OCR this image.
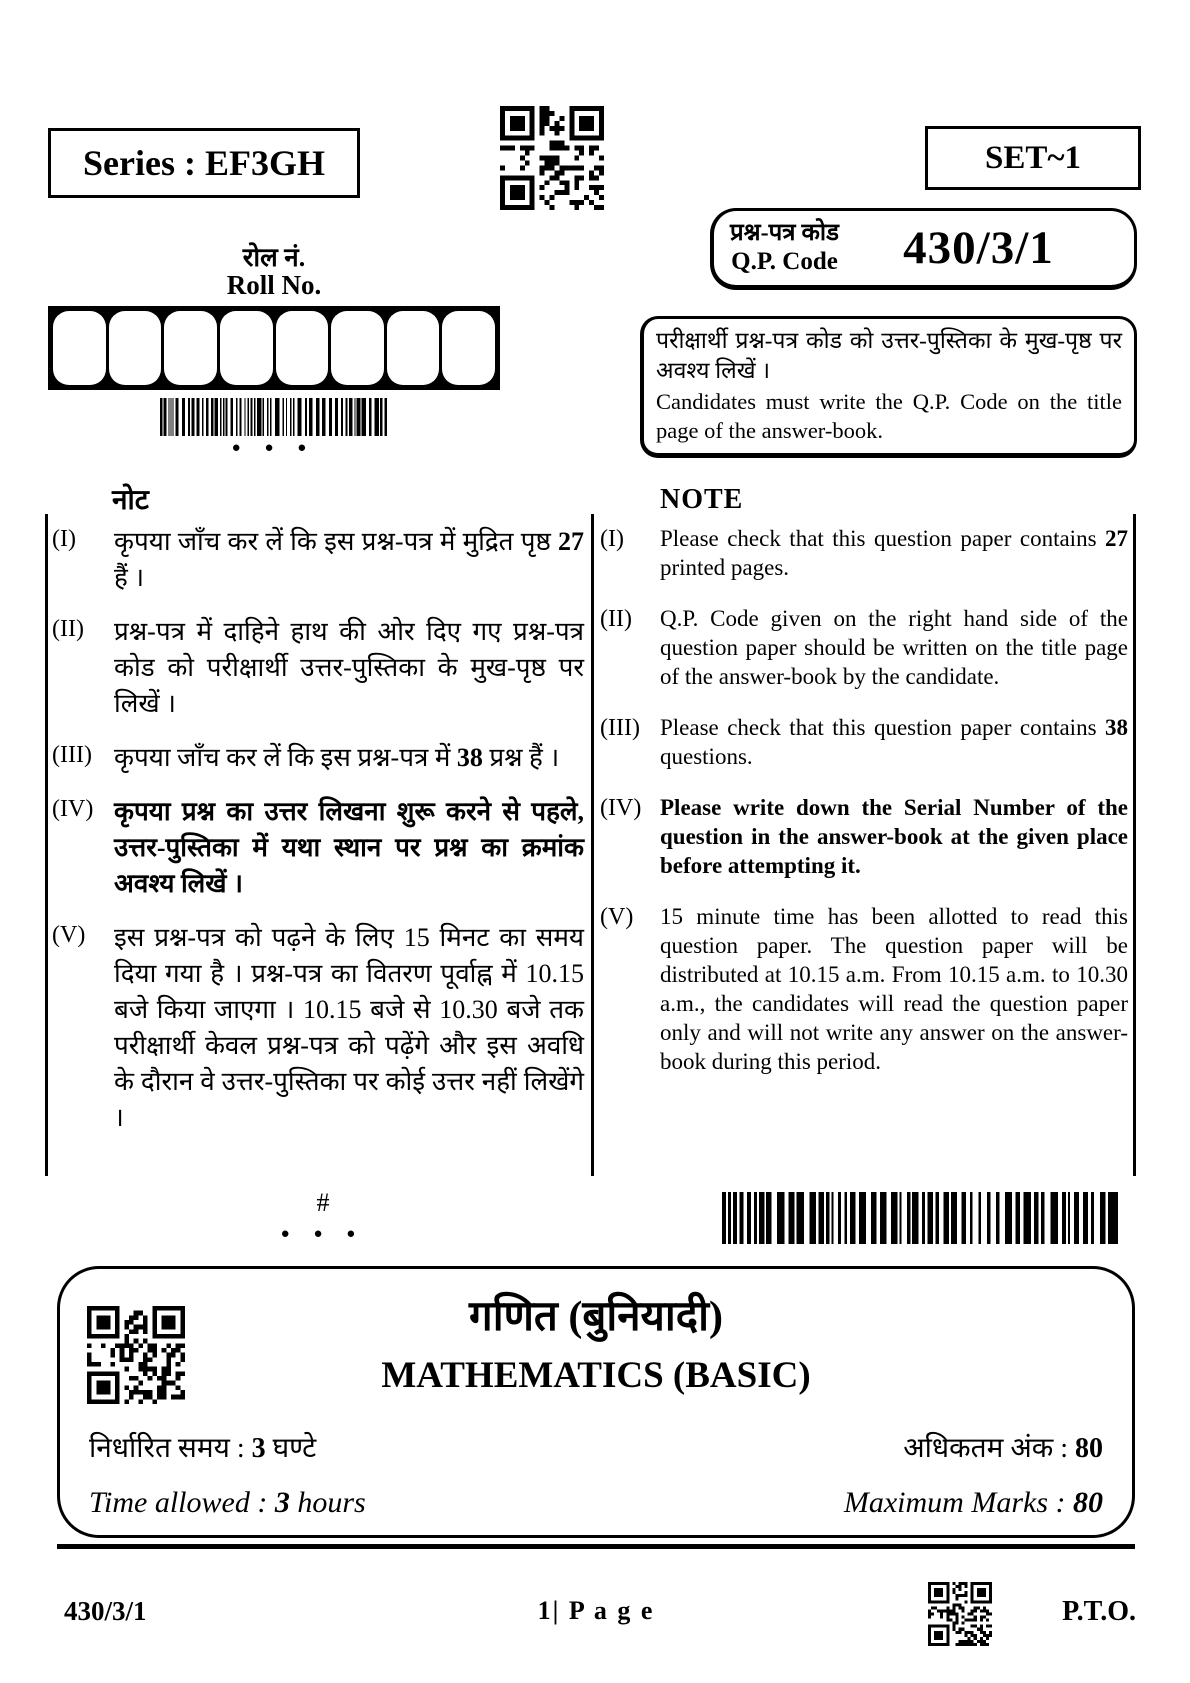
Series : EF3GH	SET~1
रोल नं.
Roll No.
● ● ●
प्रश्न-पत्र कोड
Q.P. Code	430/3/1

परीक्षार्थी प्रश्न-पत्र कोड को उत्तर-पुस्तिका के मुख-पृष्ठ पर अवश्य लिखें ।

Candidates must write the Q.P. Code on the title page of the answer-book.

नोट	NOTE
(I)	कृपया जाँच कर लें कि इस प्रश्न-पत्र में मुद्रित पृष्ठ 27 हैं ।

(II)	प्रश्न-पत्र में दाहिने हाथ की ओर दिए गए प्रश्न-पत्र कोड को परीक्षार्थी उत्तर-पुस्तिका के मुख-पृष्ठ पर लिखें ।

(III) कृपया जाँच कर लें कि इस प्रश्न-पत्र में 38 प्रश्न हैं ।

(IV) कृपया प्रश्न का उत्तर लिखना शुरू करने से पहले, उत्तर-पुस्तिका में यथा स्थान पर प्रश्न का क्रमांक अवश्य लिखें ।

(V)	इस प्रश्न-पत्र को पढ़ने के लिए 15 मिनट का समय दिया गया है । प्रश्न-पत्र का वितरण पूर्वाह्न में 10.15 बजे किया जाएगा । 10.15 बजे से 10.30 बजे तक परीक्षार्थी केवल प्रश्न-पत्र को पढ़ेंगे और इस अवधि के दौरान वे उत्तर-पुस्तिका पर कोई उत्तर नहीं लिखेंगे ।

(I)	Please check that this question paper contains 27 printed pages.

(II)	Q.P. Code given on the right hand side of the question paper should be written on the title page of the answer-book by the candidate.

(III) Please check that this question paper contains 38 questions.

(IV) Please write down the Serial Number of the question in the answer-book at the given place before attempting it.

(V)	15 minute time has been allotted to read this question paper. The question paper will be distributed at 10.15 a.m. From 10.15 a.m. to 10.30 a.m., the candidates will read the question paper only and will not write any answer on the answer-book during this period.

#
● ● ●
गणित (बुनियादी)
MATHEMATICS (BASIC)
निर्धारित समय : 3 घण्टे	अधिकतम अंक : 80
Time allowed : 3 hours	Maximum Marks : 80
430/3/1	1| P a g e	P.T.O.
